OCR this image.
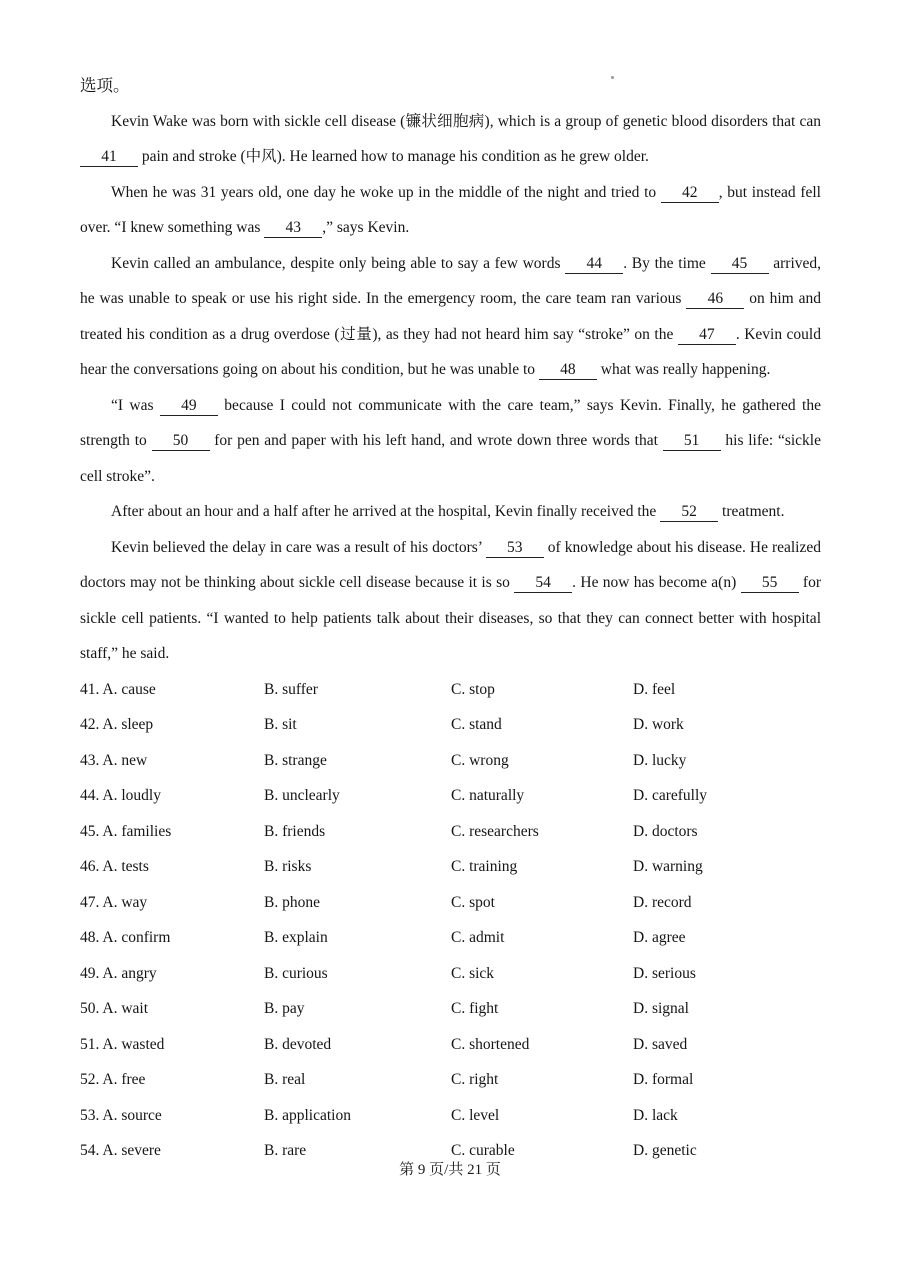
选项。

Kevin Wake was born with sickle cell disease (镰状细胞病), which is a group of genetic blood disorders that can 41 pain and stroke (中风). He learned how to manage his condition as he grew older.

When he was 31 years old, one day he woke up in the middle of the night and tried to 42 , but instead fell over. “I knew something was 43 ,” says Kevin.

Kevin called an ambulance, despite only being able to say a few words 44 . By the time 45 arrived, he was unable to speak or use his right side. In the emergency room, the care team ran various 46 on him and treated his condition as a drug overdose (过量), as they had not heard him say “stroke” on the 47 . Kevin could hear the conversations going on about his condition, but he was unable to 48 what was really happening.

“I was 49 because I could not communicate with the care team,” says Kevin. Finally, he gathered the strength to 50 for pen and paper with his left hand, and wrote down three words that 51 his life: “sickle cell stroke”.

After about an hour and a half after he arrived at the hospital, Kevin finally received the 52 treatment.

Kevin believed the delay in care was a result of his doctors’ 53 of knowledge about his disease. He realized doctors may not be thinking about sickle cell disease because it is so 54 . He now has become a(n) 55 for sickle cell patients. “I wanted to help patients talk about their diseases, so that they can connect better with hospital staff,” he said.

41. A. cause	B. suffer	C. stop	D. feel
42. A. sleep	B. sit	C. stand	D. work
43. A. new	B. strange	C. wrong	D. lucky
44. A. loudly	B. unclearly	C. naturally	D. carefully
45. A. families	B. friends	C. researchers	D. doctors
46. A. tests	B. risks	C. training	D. warning
47. A. way	B. phone	C. spot	D. record
48. A. confirm	B. explain	C. admit	D. agree
49. A. angry	B. curious	C. sick	D. serious
50. A. wait	B. pay	C. fight	D. signal
51. A. wasted	B. devoted	C. shortened	D. saved
52. A. free	B. real	C. right	D. formal
53. A. source	B. application	C. level	D. lack
54. A. severe	B. rare	C. curable	D. genetic
第 9 页/共 21 页
